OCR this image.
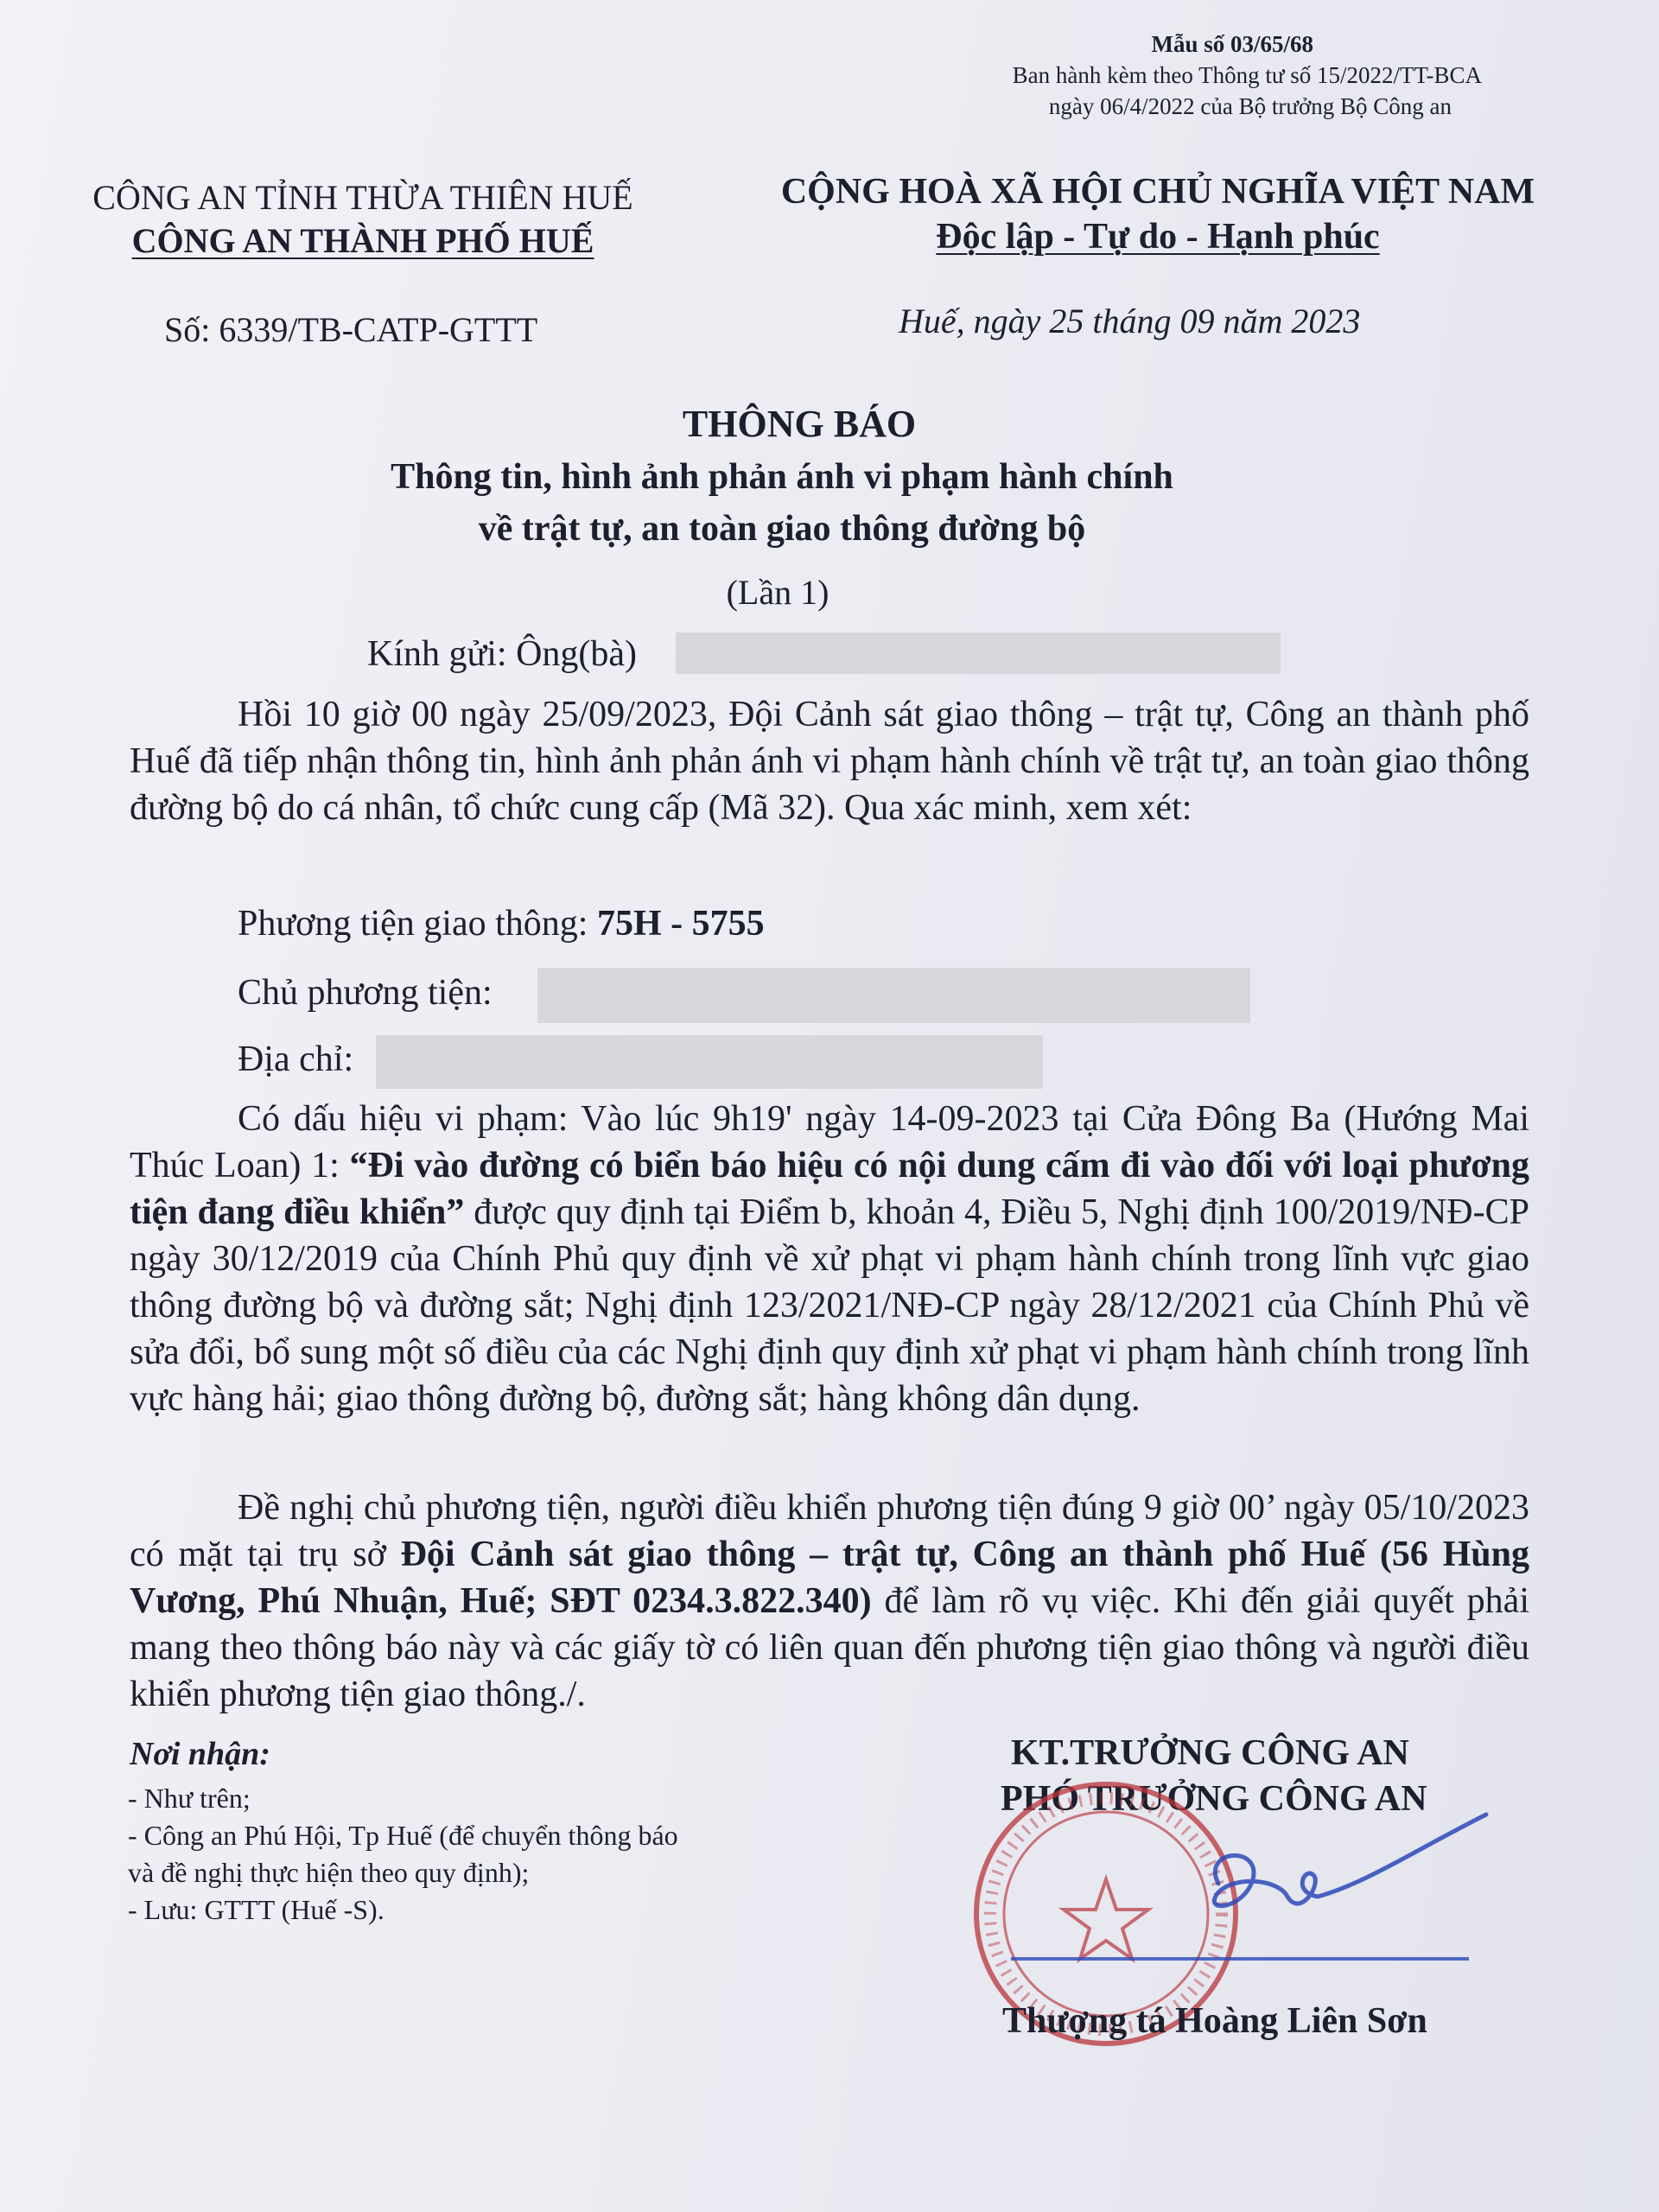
Mẫu số 03/65/68
Ban hành kèm theo Thông tư số 15/2022/TT-BCA
ngày 06/4/2022 của Bộ trưởng Bộ Công an
CÔNG AN TỈNH THỪA THIÊN HUẾ
CÔNG AN THÀNH PHỐ HUẾ
Số: 6339/TB-CATP-GTTT
CỘNG HOÀ XÃ HỘI CHỦ NGHĨA VIỆT NAM
Độc lập - Tự do - Hạnh phúc
Huế, ngày 25 tháng 09 năm 2023
THÔNG BÁO
Thông tin, hình ảnh phản ánh vi phạm hành chính
về trật tự, an toàn giao thông đường bộ
(Lần 1)
Kính gửi: Ông(bà)
Hồi 10 giờ 00 ngày 25/09/2023, Đội Cảnh sát giao thông – trật tự, Công an thành phố Huế đã tiếp nhận thông tin, hình ảnh phản ánh vi phạm hành chính về trật tự, an toàn giao thông đường bộ do cá nhân, tổ chức cung cấp (Mã 32). Qua xác minh, xem xét:
Phương tiện giao thông: 75H - 5755
Chủ phương tiện:
Địa chỉ:
Có dấu hiệu vi phạm: Vào lúc 9h19' ngày 14-09-2023 tại Cửa Đông Ba (Hướng Mai Thúc Loan) 1: “Đi vào đường có biển báo hiệu có nội dung cấm đi vào đối với loại phương tiện đang điều khiển” được quy định tại Điểm b, khoản 4, Điều 5, Nghị định 100/2019/NĐ-CP ngày 30/12/2019 của Chính Phủ quy định về xử phạt vi phạm hành chính trong lĩnh vực giao thông đường bộ và đường sắt; Nghị định 123/2021/NĐ-CP ngày 28/12/2021 của Chính Phủ về sửa đổi, bổ sung một số điều của các Nghị định quy định xử phạt vi phạm hành chính trong lĩnh vực hàng hải; giao thông đường bộ, đường sắt; hàng không dân dụng.
Đề nghị chủ phương tiện, người điều khiển phương tiện đúng 9 giờ 00’ ngày 05/10/2023 có mặt tại trụ sở Đội Cảnh sát giao thông – trật tự, Công an thành phố Huế (56 Hùng Vương, Phú Nhuận, Huế; SĐT 0234.3.822.340) để làm rõ vụ việc. Khi đến giải quyết phải mang theo thông báo này và các giấy tờ có liên quan đến phương tiện giao thông và người điều khiển phương tiện giao thông./.
Nơi nhận:
- Như trên;
- Công an Phú Hội, Tp Huế (để chuyển thông báo
và đề nghị thực hiện theo quy định);
- Lưu: GTTT (Huế -S).
KT.TRƯỞNG CÔNG AN
PHÓ TRƯỞNG CÔNG AN
Thượng tá Hoàng Liên Sơn
